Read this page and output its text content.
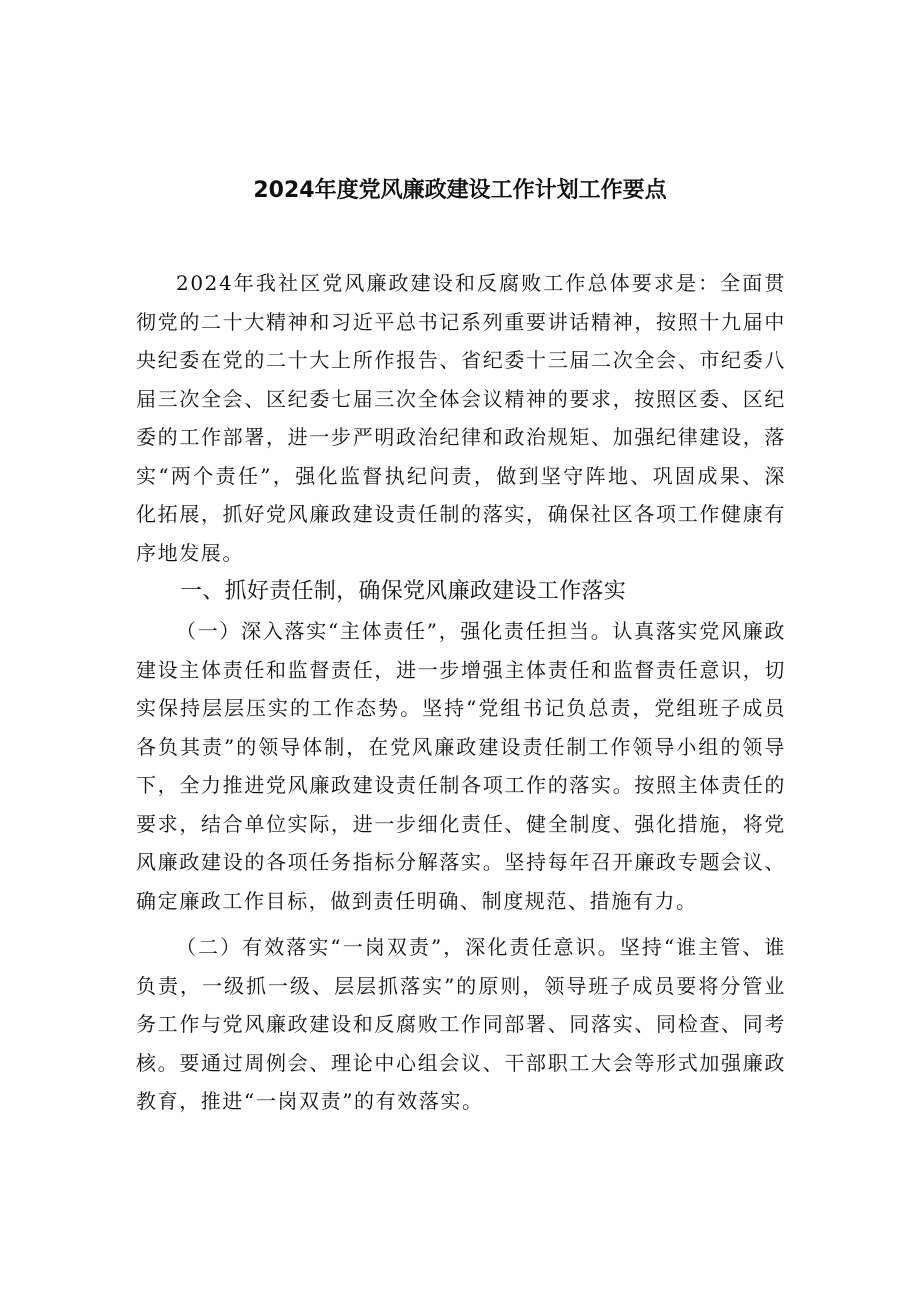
2024年度党风廉政建设工作计划工作要点

2024年我社区党风廉政建设和反腐败工作总体要求是：全面贯彻党的二十大精神和习近平总书记系列重要讲话精神，按照十九届中央纪委在党的二十大上所作报告、省纪委十三届二次全会、市纪委八届三次全会、区纪委七届三次全体会议精神的要求，按照区委、区纪委的工作部署，进一步严明政治纪律和政治规矩、加强纪律建设，落实“两个责任”，强化监督执纪问责，做到坚守阵地、巩固成果、深化拓展，抓好党风廉政建设责任制的落实，确保社区各项工作健康有序地发展。

一、抓好责任制，确保党风廉政建设工作落实

（一）深入落实“主体责任”，强化责任担当。认真落实党风廉政建设主体责任和监督责任，进一步增强主体责任和监督责任意识，切实保持层层压实的工作态势。坚持“党组书记负总责，党组班子成员各负其责”的领导体制，在党风廉政建设责任制工作领导小组的领导下，全力推进党风廉政建设责任制各项工作的落实。按照主体责任的要求，结合单位实际，进一步细化责任、健全制度、强化措施，将党风廉政建设的各项任务指标分解落实。坚持每年召开廉政专题会议、确定廉政工作目标，做到责任明确、制度规范、措施有力。

（二）有效落实“一岗双责”，深化责任意识。坚持“谁主管、谁负责，一级抓一级、层层抓落实”的原则，领导班子成员要将分管业务工作与党风廉政建设和反腐败工作同部署、同落实、同检查、同考核。要通过周例会、理论中心组会议、干部职工大会等形式加强廉政教育，推进“一岗双责”的有效落实。
